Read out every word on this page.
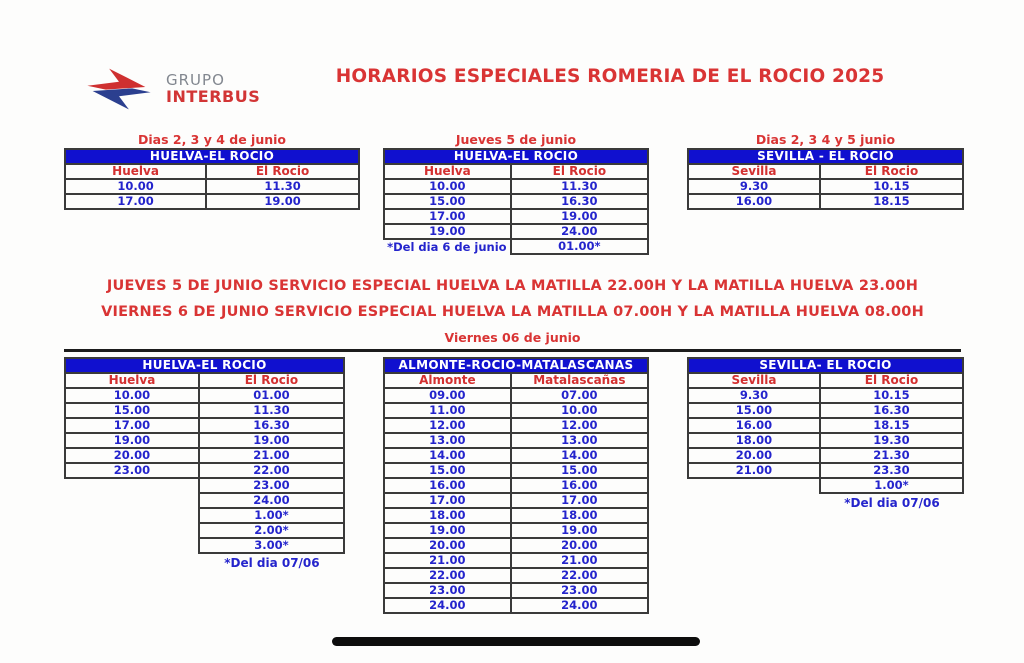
GRUPO
INTERBUS
HORARIOS ESPECIALES ROMERIA DE EL ROCIO 2025
Dias 2, 3 y 4 de junio
HUELVA-EL ROCIO	
Huelva	El Rocio
10.00	11.30
17.00	19.00
Jueves 5 de junio
HUELVA-EL ROCIO	
Huelva	El Rocio
10.00	11.30
15.00	16.30
17.00	19.00
19.00	24.00
*Del dia 6 de junio	01.00*
Dias 2, 3 4 y 5 junio
SEVILLA - EL ROCIO	
Sevilla	El Rocio
9.30	10.15
16.00	18.15
JUEVES 5 DE JUNIO SERVICIO ESPECIAL HUELVA LA MATILLA 22.00H Y LA MATILLA HUELVA 23.00H
VIERNES 6 DE JUNIO SERVICIO ESPECIAL HUELVA LA MATILLA 07.00H Y LA MATILLA HUELVA 08.00H
Viernes 06 de junio
HUELVA-EL ROCIO	
Huelva	El Rocio
10.00	01.00
15.00	11.30
17.00	16.30
19.00	19.00
20.00	21.00
23.00	22.00
	23.00
	24.00
	1.00*
	2.00*
	3.00*
*Del dia 07/06
ALMONTE-ROCIO-MATALASCANAS	
Almonte	Matalascañas
09.00	07.00
11.00	10.00
12.00	12.00
13.00	13.00
14.00	14.00
15.00	15.00
16.00	16.00
17.00	17.00
18.00	18.00
19.00	19.00
20.00	20.00
21.00	21.00
22.00	22.00
23.00	23.00
24.00	24.00
SEVILLA- EL ROCIO	
Sevilla	El Rocio
9.30	10.15
15.00	16.30
16.00	18.15
18.00	19.30
20.00	21.30
21.00	23.30
	1.00*
*Del dia 07/06
